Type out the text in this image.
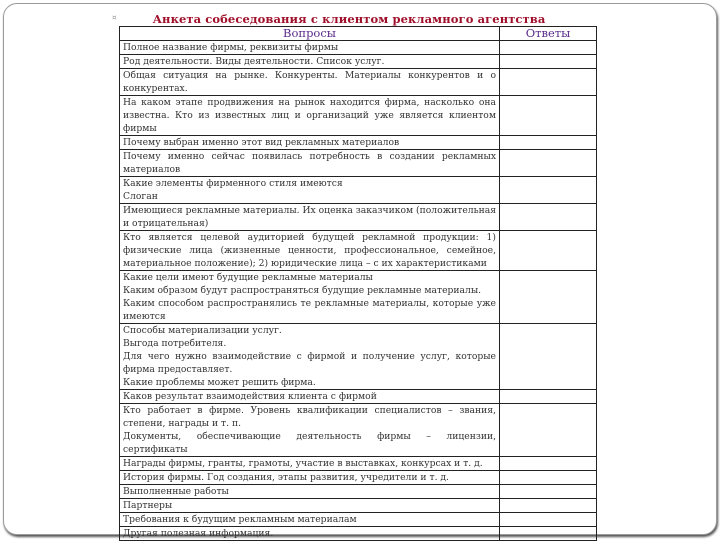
¤	Анкета собеседования с клиентом рекламного агентства
Вопросы	Ответы

Полное название фирмы, реквизиты фирмы	

Род деятельности. Виды деятельности. Список услуг.	

Общая ситуация на рынке. Конкуренты. Материалы конкурентов и о конкурентах.	

На каком этапе продвижения на рынок находится фирма, насколько она известна. Кто из известных лиц и организаций уже является клиентом фирмы	

Почему выбран именно этот вид рекламных материалов	

Почему именно сейчас появилась потребность в создании рекламных материалов	

Какие элементы фирменного стиля имеются
Слоган	

Имеющиеся рекламные материалы. Их оценка заказчиком (положительная и отрицательная)	

Кто является целевой аудиторией будущей рекламной продукции: 1) физические лица (жизненные ценности, профессиональное, семейное, материальное положение); 2) юридические лица – с их характеристиками	

Какие цели имеют будущие рекламные материалы
Каким образом будут распространяться будущие рекламные материалы.
Каким способом распространялись те рекламные материалы, которые уже имеются	

Способы материализации услуг.
Выгода потребителя.
Для чего нужно взаимодействие с фирмой и получение услуг, которые фирма предоставляет.
Какие проблемы может решить фирма.	

Каков результат взаимодействия клиента с фирмой	

Кто работает в фирме. Уровень квалификации специалистов – звания, степени, награды и т. п.
Документы, обеспечивающие деятельность фирмы – лицензии, сертификаты	

Награды фирмы, гранты, грамоты, участие в выставках, конкурсах и т. д.	

История фирмы. Год создания, этапы развития, учредители и т. д.	

Выполненные работы	

Партнеры	

Требования к будущим рекламным материалам	

Другая полезная информация.	
